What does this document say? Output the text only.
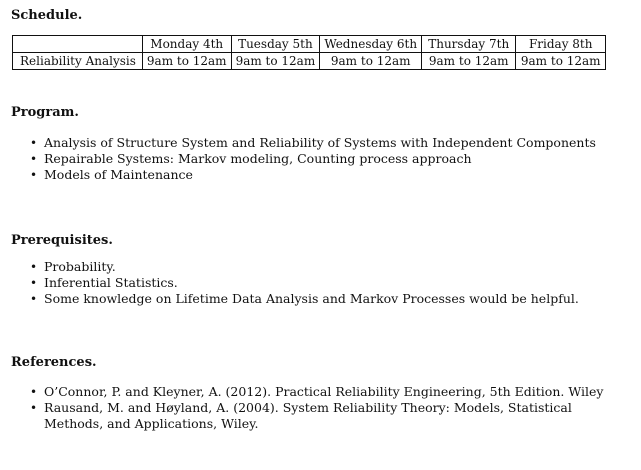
Schedule.
	Monday 4th	Tuesday 5th	Wednesday 6th	Thursday 7th	Friday 8th
Reliability Analysis	9am to 12am	9am to 12am	9am to 12am	9am to 12am	9am to 12am
Program.
• Analysis of Structure System and Reliability of Systems with Independent Components
• Repairable Systems: Markov modeling, Counting process approach
• Models of Maintenance
Prerequisites.
• Probability.
• Inferential Statistics.
• Some knowledge on Lifetime Data Analysis and Markov Processes would be helpful.
References.
• O’Connor, P. and Kleyner, A. (2012). Practical Reliability Engineering, 5th Edition. Wiley
• Rausand, M. and Høyland, A. (2004). System Reliability Theory: Models, Statistical Methods, and Applications, Wiley.
